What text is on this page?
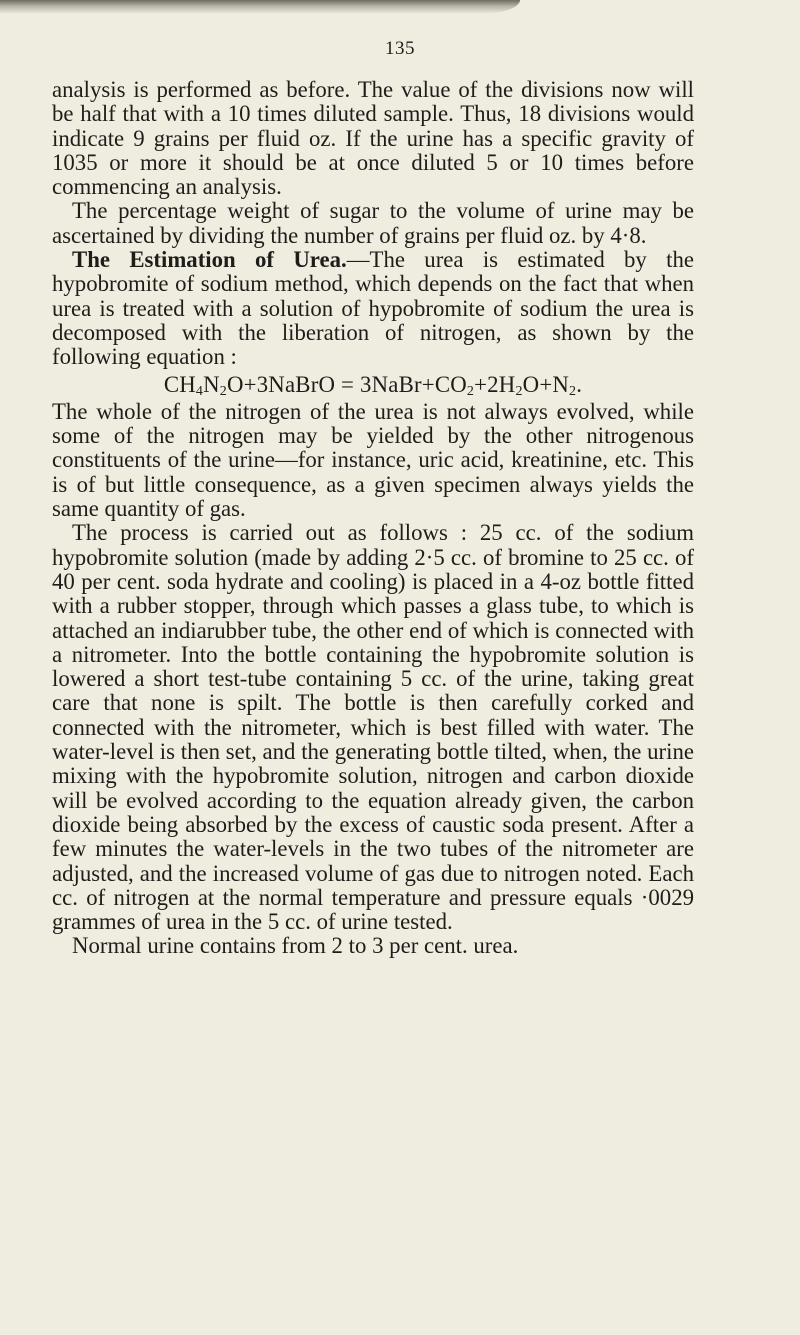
135

analysis is performed as before. The value of the divisions now will be half that with a 10 times diluted sample. Thus, 18 divisions would indicate 9 grains per fluid oz. If the urine has a specific gravity of 1035 or more it should be at once diluted 5 or 10 times before commencing an analysis.

The percentage weight of sugar to the volume of urine may be ascertained by dividing the number of grains per fluid oz. by 4·8.

The Estimation of Urea.—The urea is estimated by the hypobromite of sodium method, which depends on the fact that when urea is treated with a solution of hypobromite of sodium the urea is decomposed with the liberation of nitrogen, as shown by the following equation :

$CH_4N_2O+3NaBrO$ = $3NaBr+CO_2+2H_2O+N_2$.

The whole of the nitrogen of the urea is not always evolved, while some of the nitrogen may be yielded by the other nitrogenous constituents of the urine—for instance, uric acid, kreatinine, etc. This is of but little consequence, as a given specimen always yields the same quantity of gas.

The process is carried out as follows : 25 cc. of the sodium hypobromite solution (made by adding 2·5 cc. of bromine to 25 cc. of 40 per cent. soda hydrate and cooling) is placed in a 4-oz bottle fitted with a rubber stopper, through which passes a glass tube, to which is attached an indiarubber tube, the other end of which is connected with a nitrometer. Into the bottle containing the hypobromite solution is lowered a short test-tube containing 5 cc. of the urine, taking great care that none is spilt. The bottle is then carefully corked and connected with the nitrometer, which is best filled with water. The water-level is then set, and the generating bottle tilted, when, the urine mixing with the hypobromite solution, nitrogen and carbon dioxide will be evolved according to the equation already given, the carbon dioxide being absorbed by the excess of caustic soda present. After a few minutes the water-levels in the two tubes of the nitrometer are adjusted, and the increased volume of gas due to nitrogen noted. Each cc. of nitrogen at the normal temperature and pressure equals ·0029 grammes of urea in the 5 cc. of urine tested.

Normal urine contains from 2 to 3 per cent. urea.
